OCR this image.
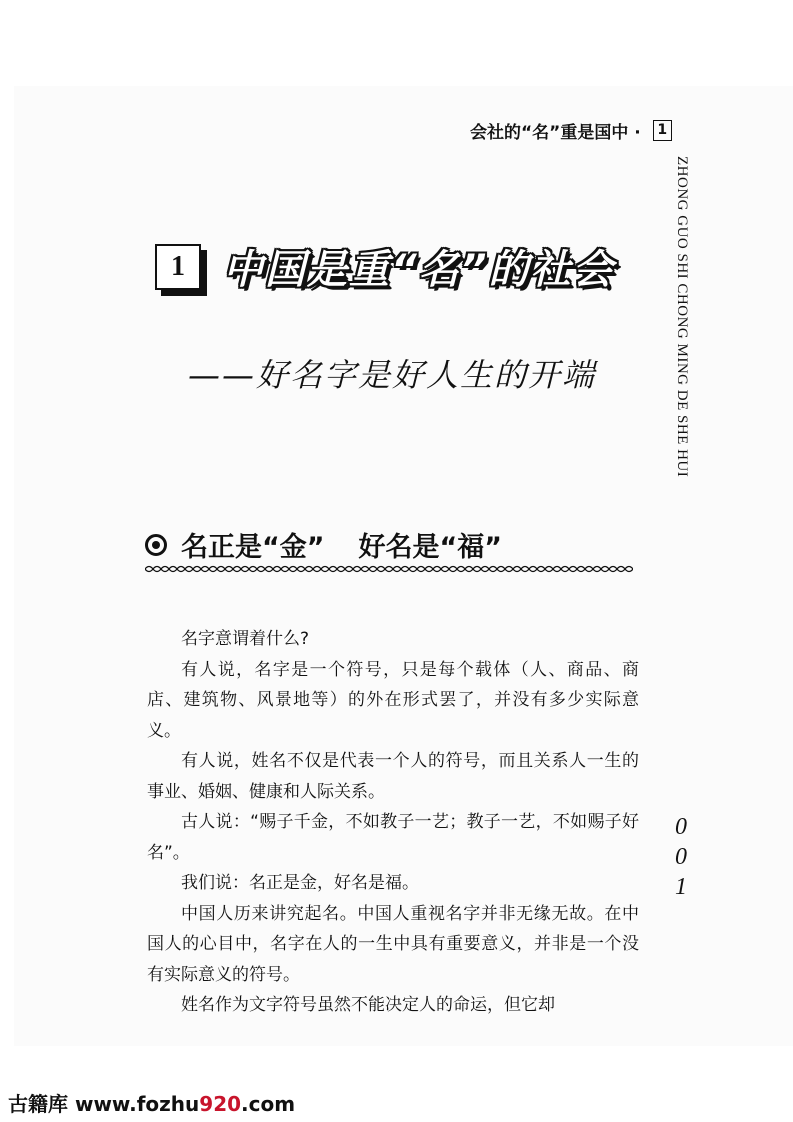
会社的“名”重是国中 ·	1
ZHONG GUO SHI CHONG MING DE SHE HUI
1 中国是重“名”的社会
——好名字是好人生的开端
名正是“金” 好名是“福”

名字意谓着什么?

有人说，名字是一个符号，只是每个载体（人、商品、商店、建筑物、风景地等）的外在形式罢了，并没有多少实际意义。

有人说，姓名不仅是代表一个人的符号，而且关系人一生的事业、婚姻、健康和人际关系。

古人说：“赐子千金，不如教子一艺；教子一艺，不如赐子好名”。

我们说：名正是金，好名是福。

中国人历来讲究起名。中国人重视名字并非无缘无故。在中国人的心目中，名字在人的一生中具有重要意义，并非是一个没有实际意义的符号。

姓名作为文字符号虽然不能决定人的命运，但它却

0
0
1
古籍库 www.fozhu920.com
